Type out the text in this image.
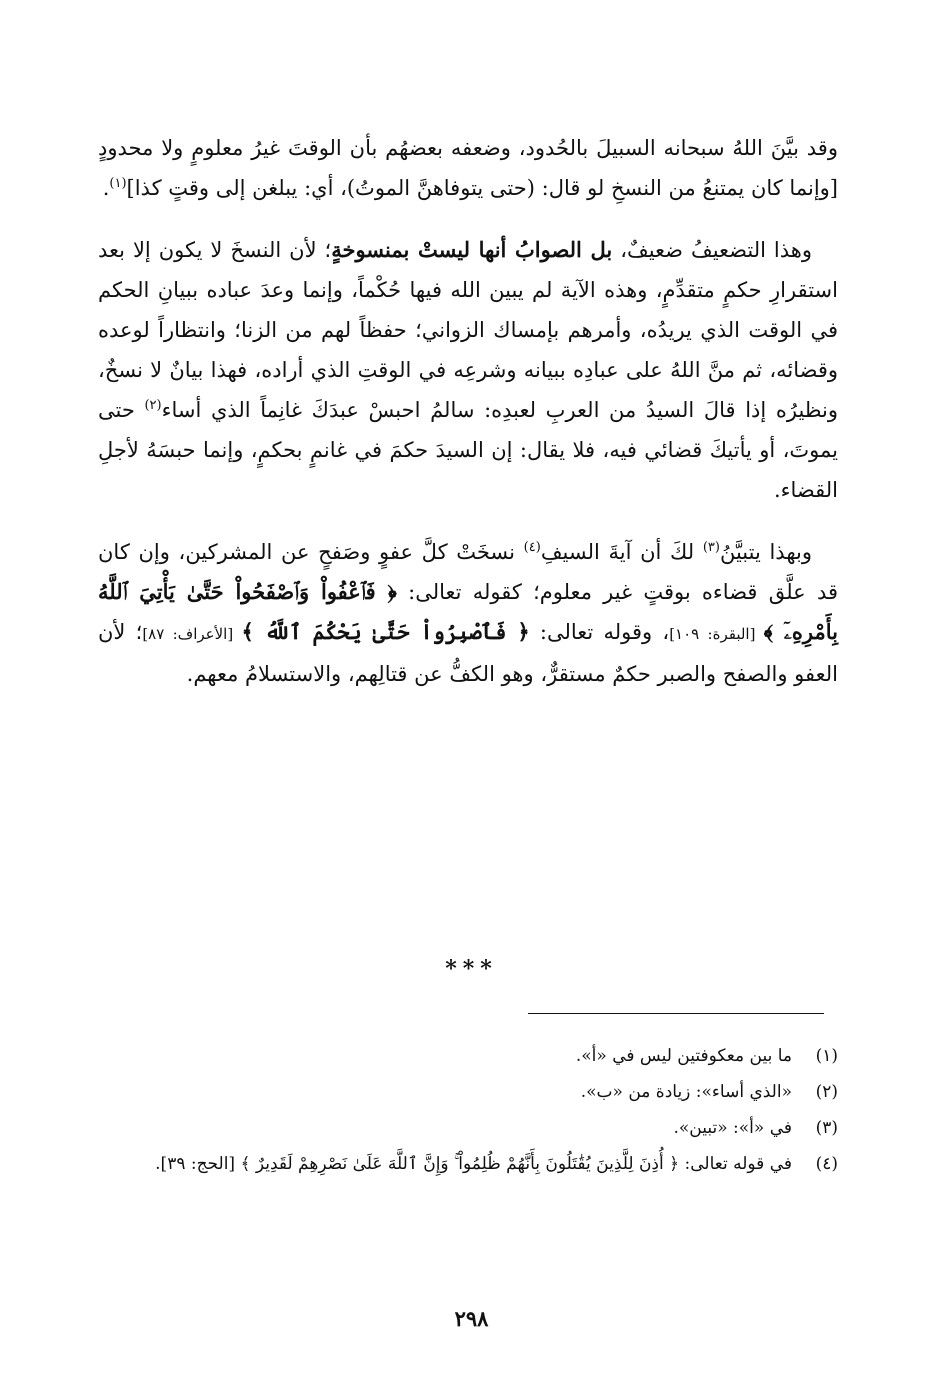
وقد بيَّنَ اللهُ سبحانه السبيلَ بالحُدود، وضعفه بعضهُم بأن الوقتَ غيرُ معلومٍ ولا محدودٍ [وإنما كان يمتنعُ من النسخِ لو قال: (حتى يتوفاهنَّ الموتُ)، أي: يبلغن إلى وقتٍ كذا]$^{(١)}$.

وهذا التضعيفُ ضعيفٌ، بل الصوابُ أنها ليستْ بمنسوخةٍ؛ لأن النسخَ لا يكون إلا بعد استقرارِ حكمٍ متقدِّمٍ، وهذه الآية لم يبين الله فيها حُكْماً، وإنما وعدَ عباده ببيانِ الحكم في الوقت الذي يريدُه، وأمرهم بإمساك الزواني؛ حفظاً لهم من الزنا؛ وانتظاراً لوعده وقضائه، ثم منَّ اللهُ على عبادِه ببيانه وشرعِه في الوقتِ الذي أراده، فهذا بيانٌ لا نسخٌ، ونظيرُه إذا قالَ السيدُ من العربِ لعبدِه: سالمُ احبسْ عبدَكَ غانِماً الذي أساء$^{(٢)}$ حتى يموتَ، أو يأتيكَ قضائي فيه، فلا يقال: إن السيدَ حكمَ في غانمٍ بحكمٍ، وإنما حبسَهُ لأجلِ القضاء.

وبهذا يتبيَّنُ$^{(٣)}$ لكَ أن آيةَ السيفِ$^{(٤)}$ نسخَتْ كلَّ عفوٍ وصَفحٍ عن المشركين، وإن كان قد علَّق قضاءه بوقتٍ غير معلوم؛ كقوله تعالى: ﴿ فَٱعْفُواْ وَٱصْفَحُواْ حَتَّىٰ يَأْتِيَ ٱللَّهُ بِأَمْرِهِۦٓ ﴾ [البقرة: ١٠٩]، وقوله تعالى: ﴿ فَٱصْبِرُواْ حَتَّىٰ يَحْكُمَ ٱللَّهُ ﴾ [الأعراف: ٨٧]؛ لأن العفو والصفح والصبر حكمٌ مستقرٌّ، وهو الكفُّ عن قتالِهم، والاستسلامُ معهم.

***
(١)
ما بين معكوفتين ليس في «أ».
(٢)
«الذي أساء»: زيادة من «ب».
(٣)
في «أ»: «تبين».
(٤)
في قوله تعالى: ﴿ أُذِنَ لِلَّذِينَ يُقَٰتَلُونَ بِأَنَّهُمْ ظُلِمُواْ ۚ وَإِنَّ ٱللَّهَ عَلَىٰ نَصْرِهِمْ لَقَدِيرٌ ﴾ [الحج: ٣٩].
٢٩٨
